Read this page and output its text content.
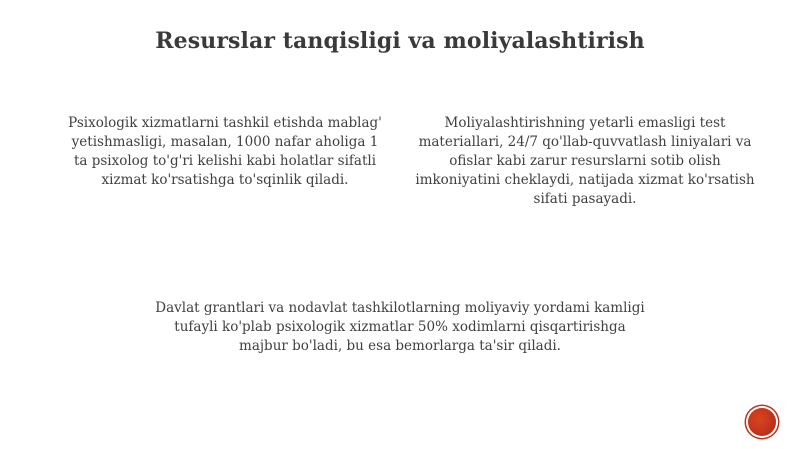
Resurslar tanqisligi va moliyalashtirish
Psixologik xizmatlarni tashkil etishda mablag' yetishmasligi, masalan, 1000 nafar aholiga 1 ta psixolog to'g'ri kelishi kabi holatlar sifatli xizmat ko'rsatishga to'sqinlik qiladi.
Moliyalashtirishning yetarli emasligi test materiallari, 24/7 qo'llab-quvvatlash liniyalari va ofislar kabi zarur resurslarni sotib olish imkoniyatini cheklaydi, natijada xizmat ko'rsatish sifati pasayadi.
Davlat grantlari va nodavlat tashkilotlarning moliyaviy yordami kamligi tufayli ko'plab psixologik xizmatlar 50% xodimlarni qisqartirishga majbur bo'ladi, bu esa bemorlarga ta'sir qiladi.
